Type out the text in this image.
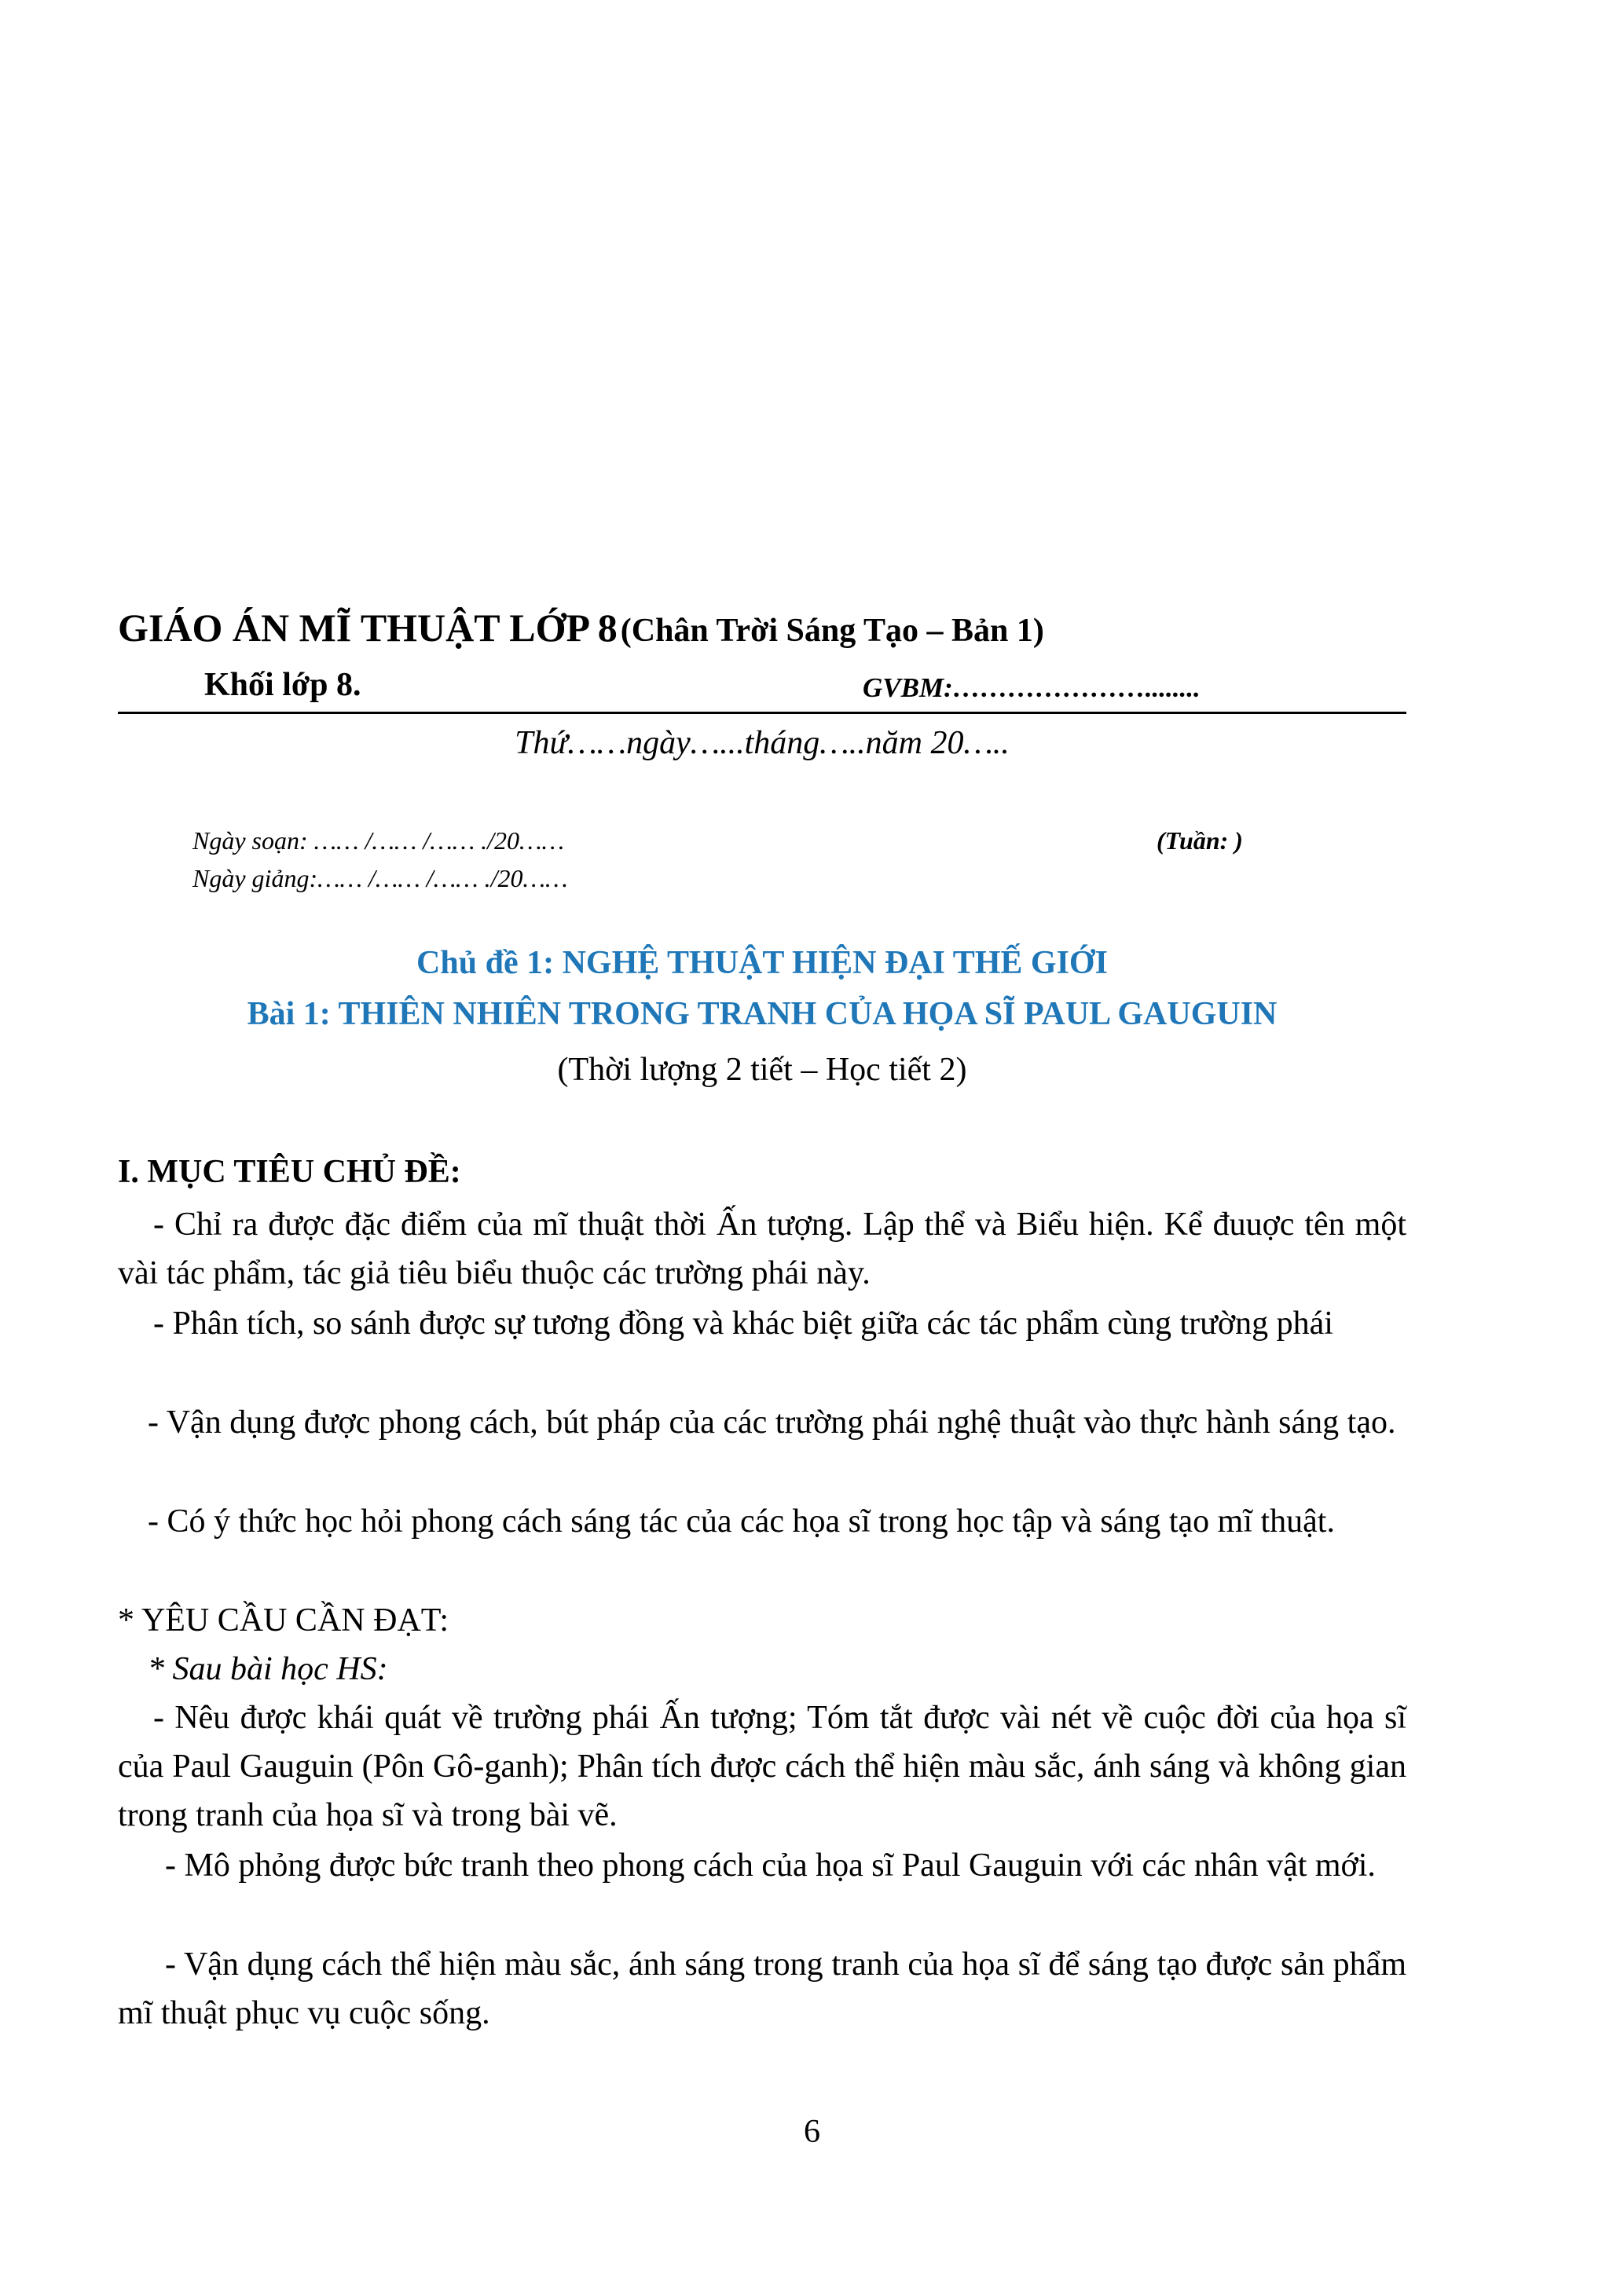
GIÁO ÁN MĨ THUẬT LỚP 8 (Chân Trời Sáng Tạo – Bản 1)
Khối lớp 8.	GVBM:…………………........
Thứ……ngày…...tháng…..năm 20…..
Ngày soạn: …… /…… /…… ./20……	(Tuần: )
Ngày giảng:…… /…… /…… ./20……
Chủ đề 1: NGHỆ THUẬT HIỆN ĐẠI THẾ GIỚI
Bài 1: THIÊN NHIÊN TRONG TRANH CỦA HỌA SĨ PAUL GAUGUIN
(Thời lượng 2 tiết – Học tiết 2)
I. MỤC TIÊU CHỦ ĐỀ:
- Chỉ ra được đặc điểm của mĩ thuật thời Ấn tượng. Lập thể và Biểu hiện. Kể đuuợc tên một vài tác phẩm, tác giả tiêu biểu thuộc các trường phái này.
- Phân tích, so sánh được sự tương đồng và khác biệt giữa các tác phẩm cùng trường phái
- Vận dụng được phong cách, bút pháp của các trường phái nghệ thuật vào thực hành sáng tạo.
- Có ý thức học hỏi phong cách sáng tác của các họa sĩ trong học tập và sáng tạo mĩ thuật.
* YÊU CẦU CẦN ĐẠT:
* Sau bài học HS:
- Nêu được khái quát về trường phái Ấn tượng; Tóm tắt được vài nét về cuộc đời của họa sĩ của Paul Gauguin (Pôn Gô-ganh); Phân tích được cách thể hiện màu sắc, ánh sáng và không gian trong tranh của họa sĩ và trong bài vẽ.
- Mô phỏng được bức tranh theo phong cách của họa sĩ Paul Gauguin với các nhân vật mới.
- Vận dụng cách thể hiện màu sắc, ánh sáng trong tranh của họa sĩ để sáng tạo được sản phẩm mĩ thuật phục vụ cuộc sống.
6
